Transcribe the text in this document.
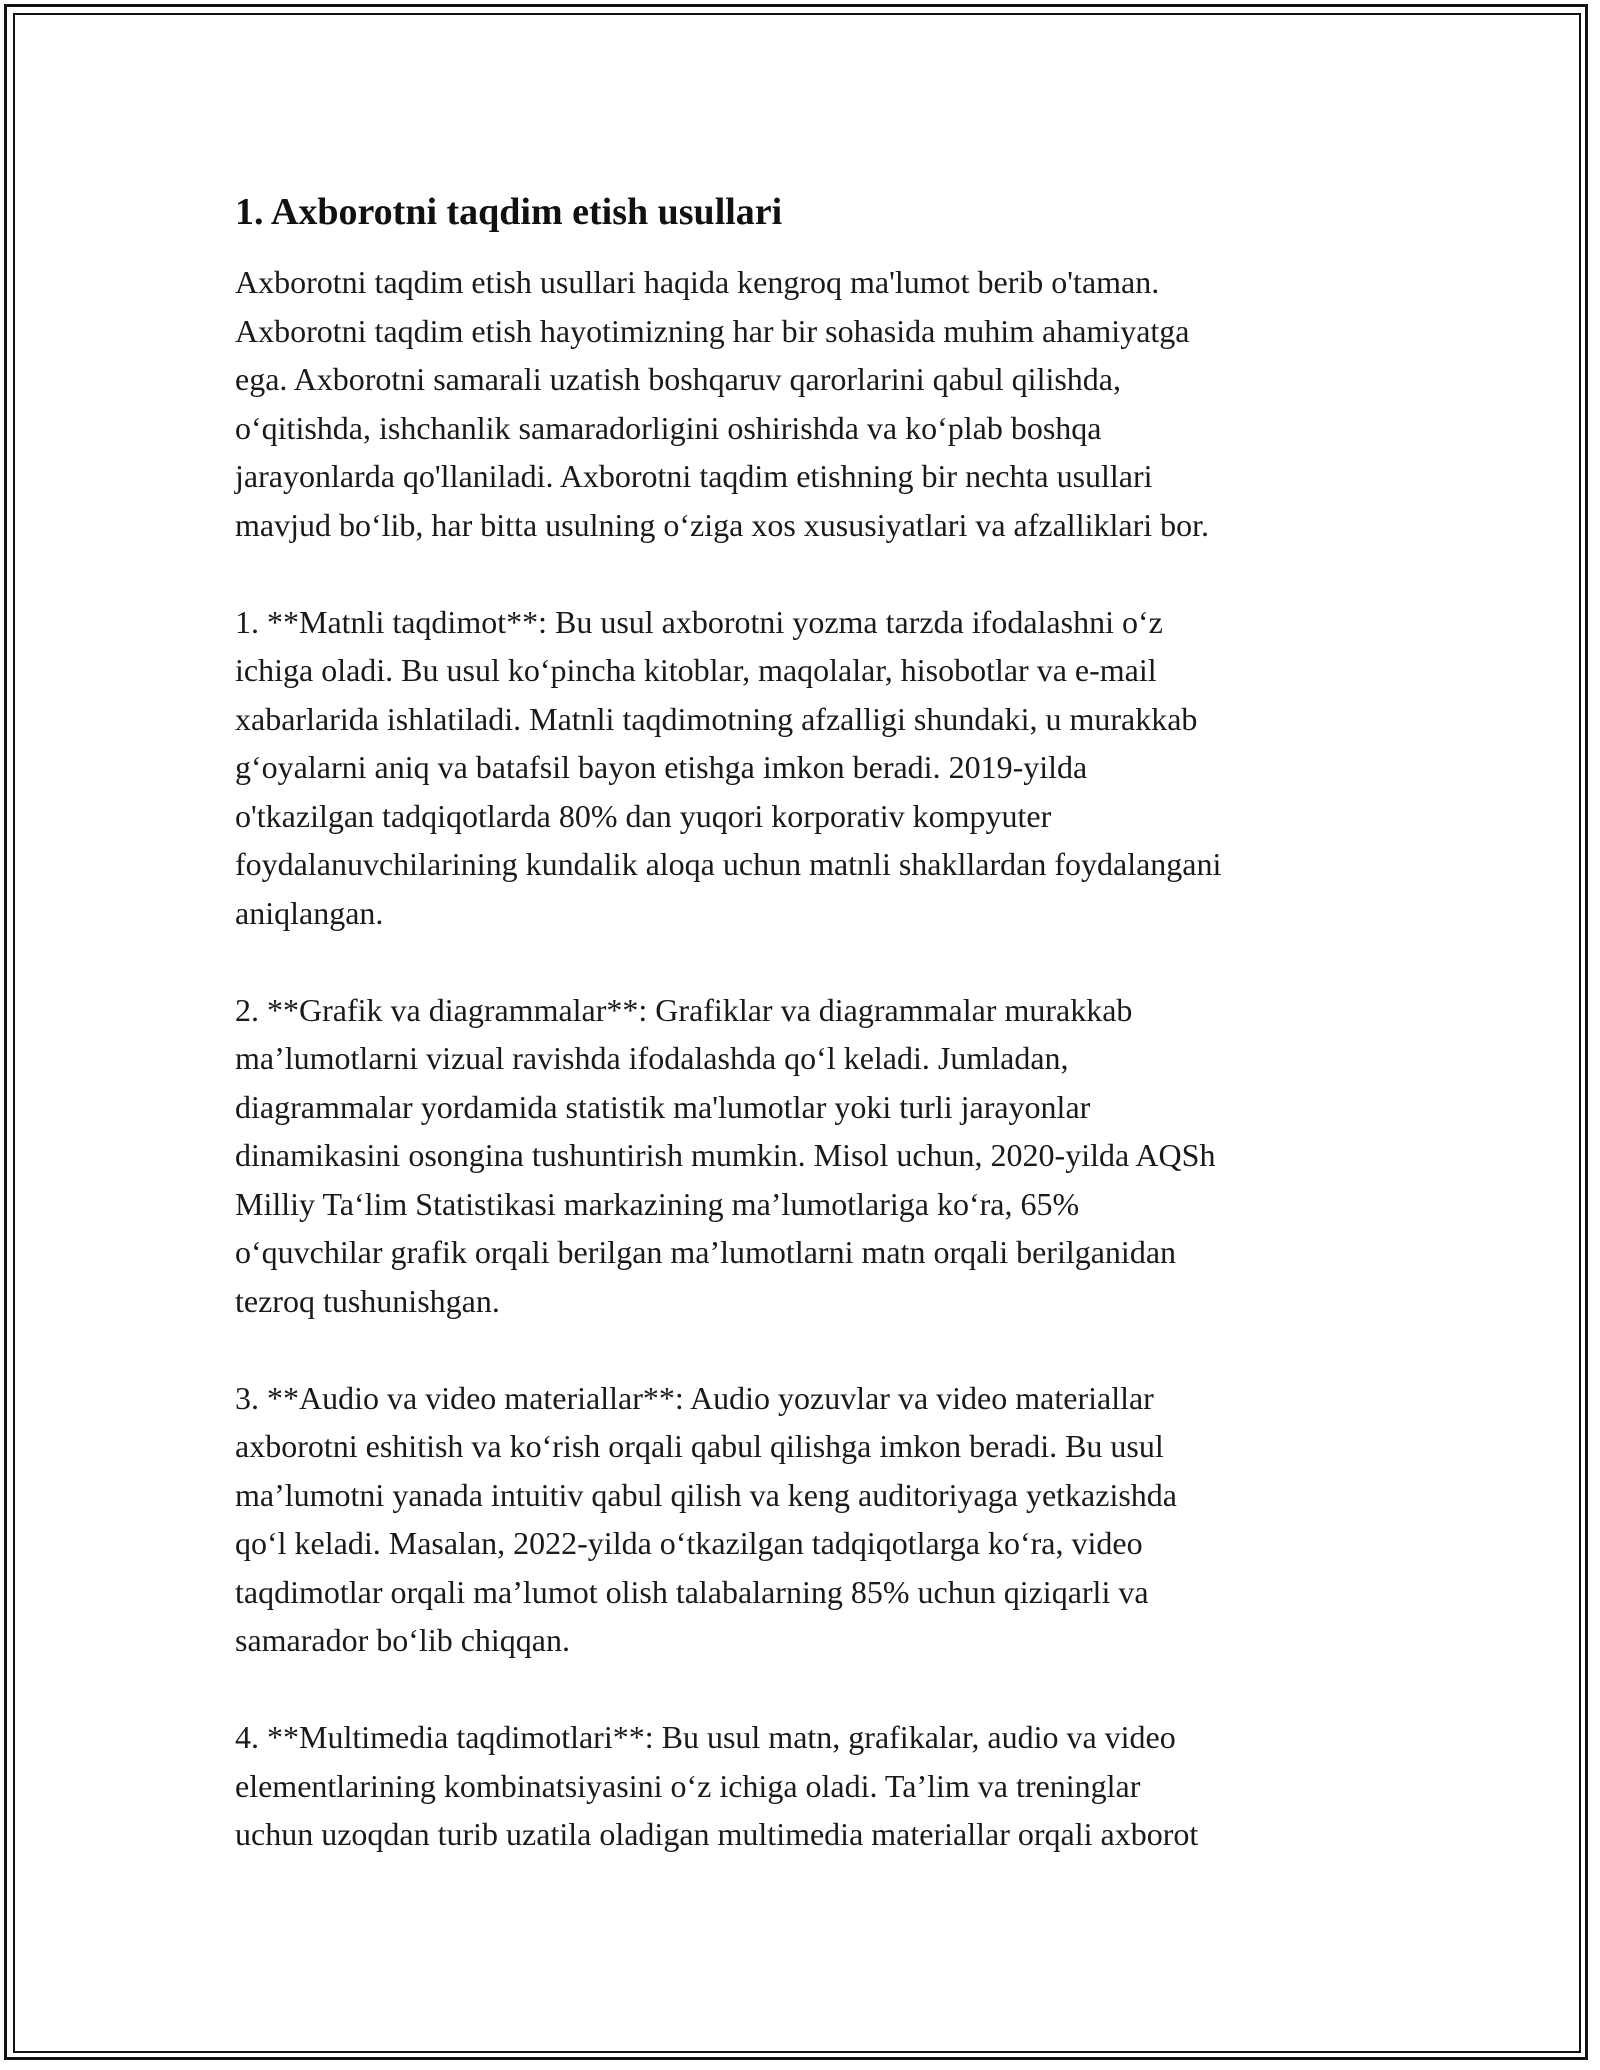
1. Axborotni taqdim etish usullari
Axborotni taqdim etish usullari haqida kengroq ma'lumot berib o'taman.
Axborotni taqdim etish hayotimizning har bir sohasida muhim ahamiyatga
ega. Axborotni samarali uzatish boshqaruv qarorlarini qabul qilishda,
o‘qitishda, ishchanlik samaradorligini oshirishda va ko‘plab boshqa
jarayonlarda qo'llaniladi. Axborotni taqdim etishning bir nechta usullari
mavjud bo‘lib, har bitta usulning o‘ziga xos xususiyatlari va afzalliklari bor.
1. **Matnli taqdimot**: Bu usul axborotni yozma tarzda ifodalashni o‘z
ichiga oladi. Bu usul ko‘pincha kitoblar, maqolalar, hisobotlar va e-mail
xabarlarida ishlatiladi. Matnli taqdimotning afzalligi shundaki, u murakkab
g‘oyalarni aniq va batafsil bayon etishga imkon beradi. 2019-yilda
o'tkazilgan tadqiqotlarda 80% dan yuqori korporativ kompyuter
foydalanuvchilarining kundalik aloqa uchun matnli shakllardan foydalangani
aniqlangan.
2. **Grafik va diagrammalar**: Grafiklar va diagrammalar murakkab
ma’lumotlarni vizual ravishda ifodalashda qo‘l keladi. Jumladan,
diagrammalar yordamida statistik ma'lumotlar yoki turli jarayonlar
dinamikasini osongina tushuntirish mumkin. Misol uchun, 2020-yilda AQSh
Milliy Ta‘lim Statistikasi markazining ma’lumotlariga ko‘ra, 65%
o‘quvchilar grafik orqali berilgan ma’lumotlarni matn orqali berilganidan
tezroq tushunishgan.
3. **Audio va video materiallar**: Audio yozuvlar va video materiallar
axborotni eshitish va ko‘rish orqali qabul qilishga imkon beradi. Bu usul
ma’lumotni yanada intuitiv qabul qilish va keng auditoriyaga yetkazishda
qo‘l keladi. Masalan, 2022-yilda o‘tkazilgan tadqiqotlarga ko‘ra, video
taqdimotlar orqali ma’lumot olish talabalarning 85% uchun qiziqarli va
samarador bo‘lib chiqqan.
4. **Multimedia taqdimotlari**: Bu usul matn, grafikalar, audio va video
elementlarining kombinatsiyasini o‘z ichiga oladi. Ta’lim va treninglar
uchun uzoqdan turib uzatila oladigan multimedia materiallar orqali axborot
